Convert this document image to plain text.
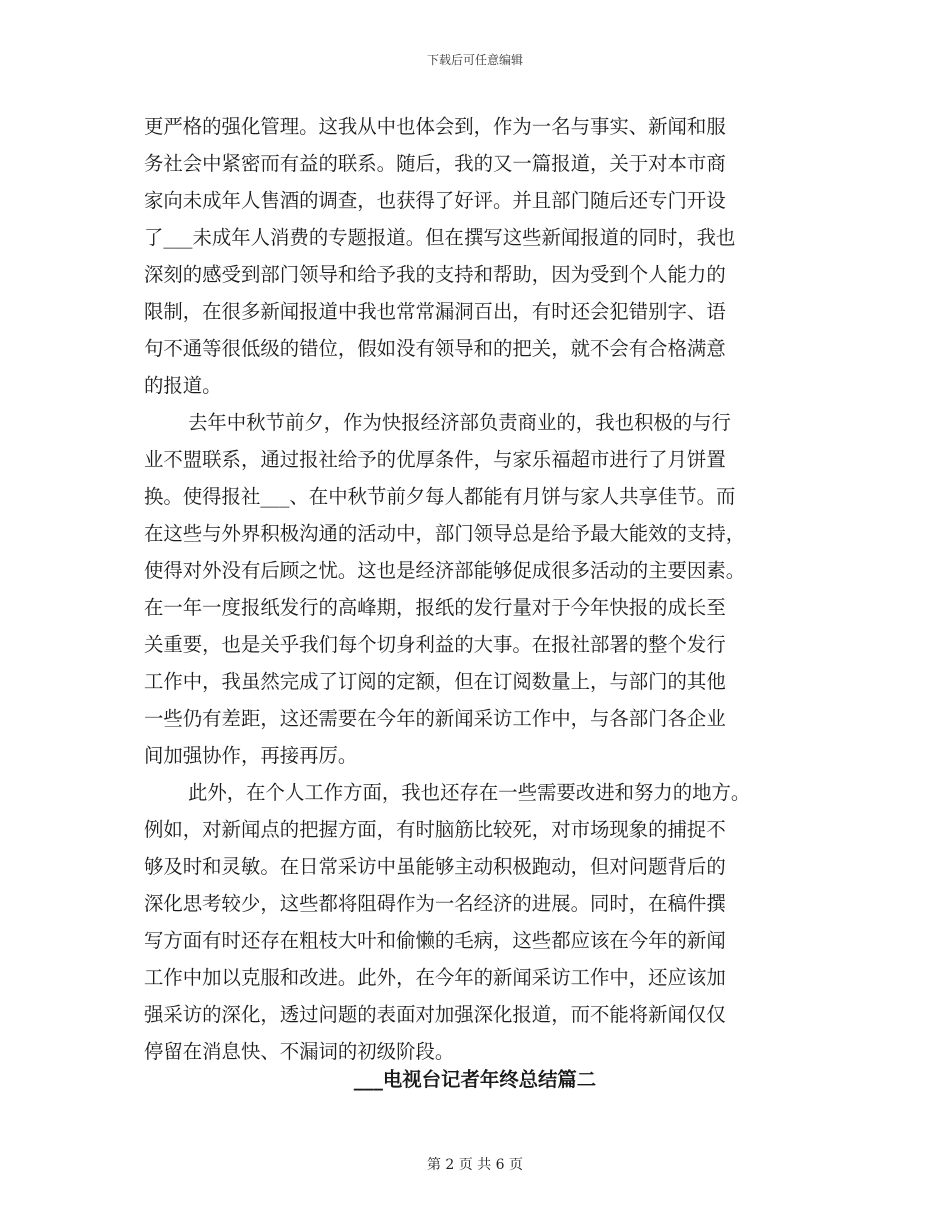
下载后可任意编辑
更严格的强化管理。这我从中也体会到，作为一名与事实、新闻和服
务社会中紧密而有益的联系。随后，我的又一篇报道，关于对本市商
家向未成年人售酒的调查，也获得了好评。并且部门随后还专门开设
了___未成年人消费的专题报道。但在撰写这些新闻报道的同时，我也
深刻的感受到部门领导和给予我的支持和帮助，因为受到个人能力的
限制，在很多新闻报道中我也常常漏洞百出，有时还会犯错别字、语
句不通等很低级的错位，假如没有领导和的把关，就不会有合格满意
的报道。
去年中秋节前夕，作为快报经济部负责商业的，我也积极的与行
业不盟联系，通过报社给予的优厚条件，与家乐福超市进行了月饼置
换。使得报社___、在中秋节前夕每人都能有月饼与家人共享佳节。而
在这些与外界积极沟通的活动中，部门领导总是给予最大能效的支持，
使得对外没有后顾之忧。这也是经济部能够促成很多活动的主要因素。
在一年一度报纸发行的高峰期，报纸的发行量对于今年快报的成长至
关重要，也是关乎我们每个切身利益的大事。在报社部署的整个发行
工作中，我虽然完成了订阅的定额，但在订阅数量上，与部门的其他
一些仍有差距，这还需要在今年的新闻采访工作中，与各部门各企业
间加强协作，再接再厉。
此外，在个人工作方面，我也还存在一些需要改进和努力的地方。
例如，对新闻点的把握方面，有时脑筋比较死，对市场现象的捕捉不
够及时和灵敏。在日常采访中虽能够主动积极跑动，但对问题背后的
深化思考较少，这些都将阻碍作为一名经济的进展。同时，在稿件撰
写方面有时还存在粗枝大叶和偷懒的毛病，这些都应该在今年的新闻
工作中加以克服和改进。此外，在今年的新闻采访工作中，还应该加
强采访的深化，透过问题的表面对加强深化报道，而不能将新闻仅仅
停留在消息快、不漏词的初级阶段。
___电视台记者年终总结篇二
第 2 页 共 6 页
